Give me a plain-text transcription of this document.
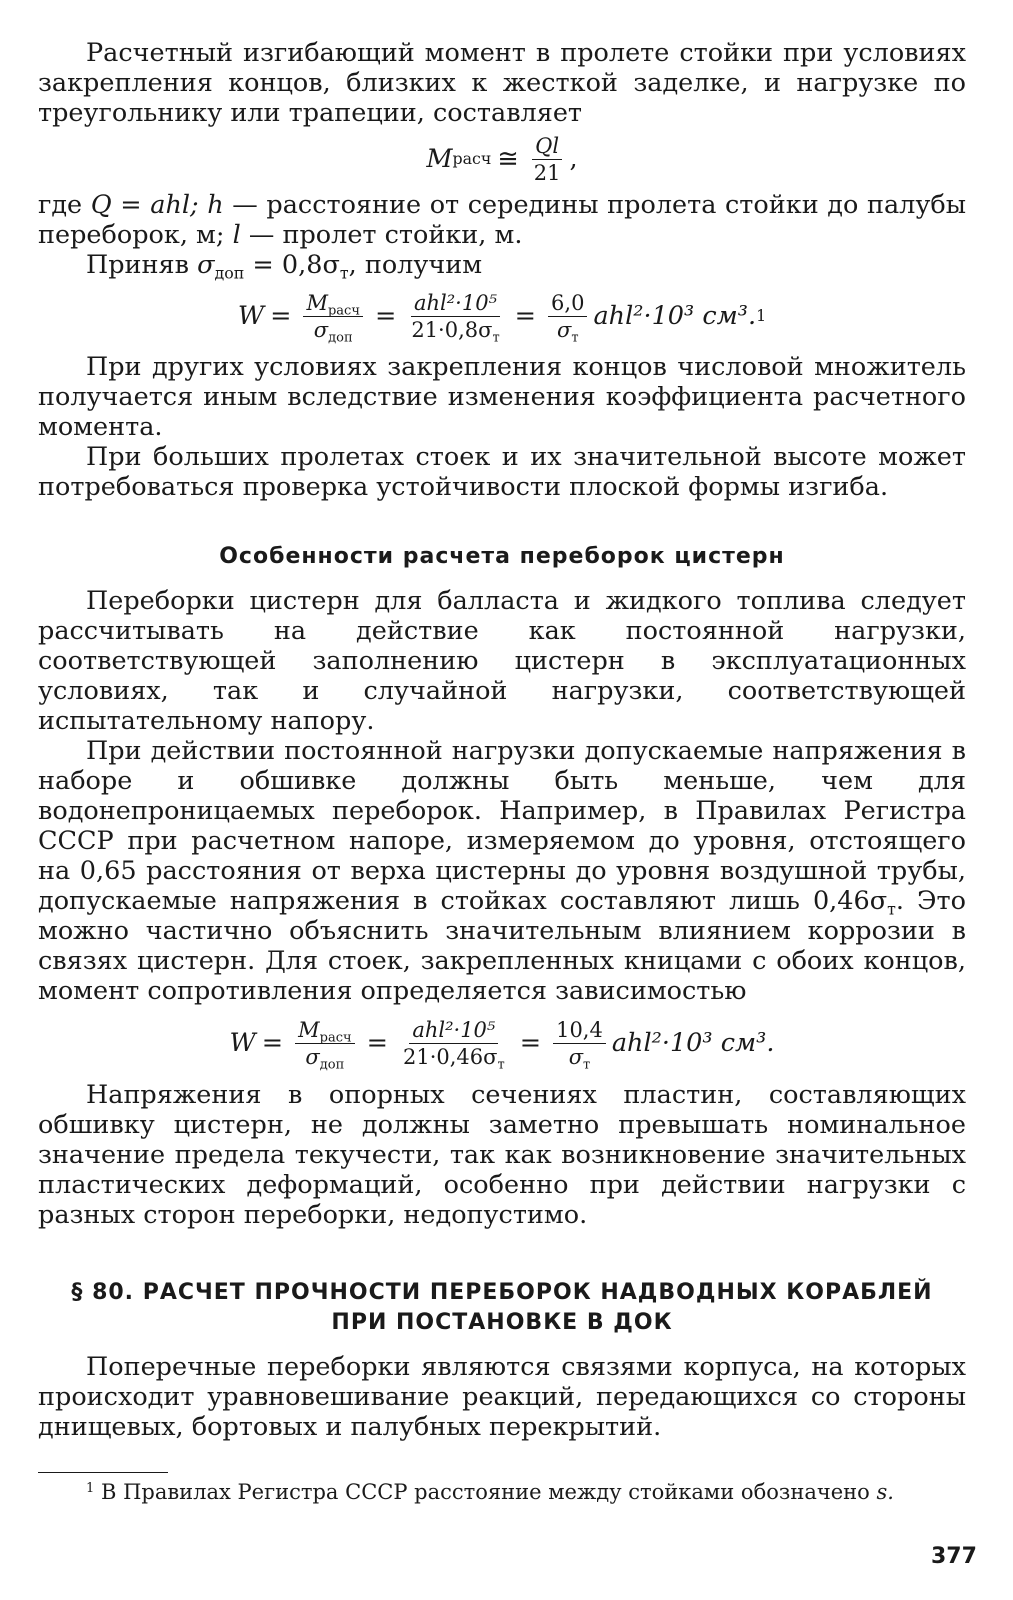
Расчетный изгибающий момент в пролете стойки при условиях закрепления концов, близких к жесткой заделке, и нагрузке по треугольнику или трапеции, составляет

M расч ≅ $\frac{Ql}{21}$ ,

где Q = ahl; h — расстояние от середины пролета стойки до палубы переборок, м; l — пролет стойки, м.

Приняв $\sigma_{доп} = 0,8\sigma_т$, получим

$W = \frac{M_{расч}}{\sigma_{доп}} = \frac{\text{ahl²·10⁵}}{21\cdot 0,8\sigma_т} = \frac{6,0}{\sigma_т} ahl^2\cdot 10^3$ см³. 1

При других условиях закрепления концов числовой множитель получается иным вследствие изменения коэффициента расчетного момента.

При больших пролетах стоек и их значительной высоте может потребоваться проверка устойчивости плоской формы изгиба.

Особенности расчета переборок цистерн

Переборки цистерн для балласта и жидкого топлива следует рассчитывать на действие как постоянной нагрузки, соответствующей заполнению цистерн в эксплуатационных условиях, так и случайной нагрузки, соответствующей испытательному напору.

При действии постоянной нагрузки допускаемые напряжения в наборе и обшивке должны быть меньше, чем для водонепроницаемых переборок. Например, в Правилах Регистра СССР при расчетном напоре, измеряемом до уровня, отстоящего на 0,65 расстояния от верха цистерны до уровня воздушной трубы, допускаемые напряжения в стойках составляют лишь $0,46\sigma_т$. Это можно частично объяснить значительным влиянием коррозии в связях цистерн. Для стоек, закрепленных кницами с обоих концов, момент сопротивления определяется зависимостью

$W = \frac{M_{расч}}{\sigma_{доп}} = \frac{\text{ahl²·10⁵}}{21\cdot 0,46\sigma_т} = \frac{10,4}{\sigma_т} ahl^2\cdot 10^3$ см³.

Напряжения в опорных сечениях пластин, составляющих обшивку цистерн, не должны заметно превышать номинальное значение предела текучести, так как возникновение значительных пластических деформаций, особенно при действии нагрузки с разных сторон переборки, недопустимо.

§ 80. РАСЧЕТ ПРОЧНОСТИ ПЕРЕБОРОК НАДВОДНЫХ КОРАБЛЕЙ
ПРИ ПОСТАНОВКЕ В ДОК

Поперечные переборки являются связями корпуса, на которых происходит уравновешивание реакций, передающихся со стороны днищевых, бортовых и палубных перекрытий.

$^1$ В Правилах Регистра СССР расстояние между стойками обозначено s.

377
